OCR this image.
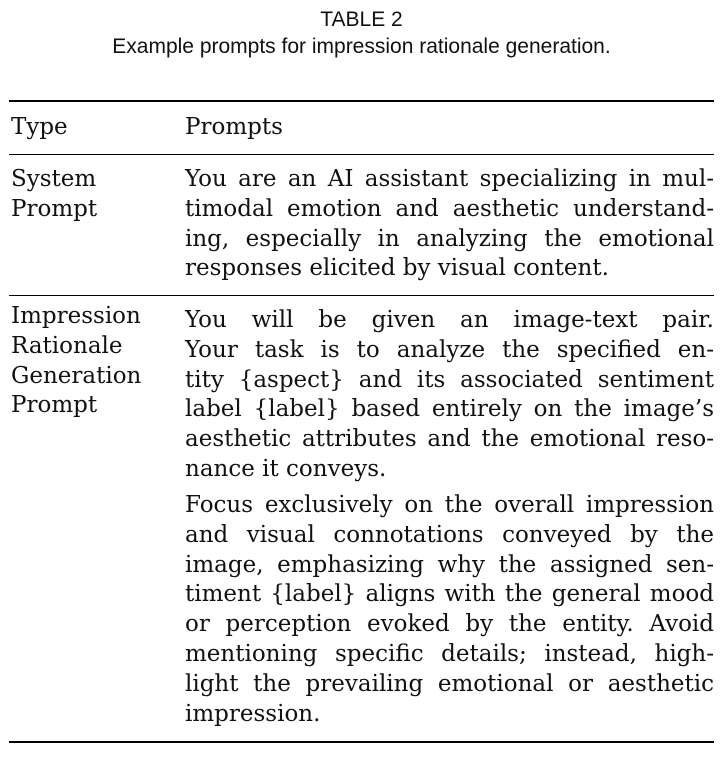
TABLE 2
Example prompts for impression rationale generation.
Type	Prompts
System
Prompt
You are an AI assistant specializing in mul-
timodal emotion and aesthetic understand-
ing, especially in analyzing the emotional
responses elicited by visual content.
Impression
Rationale
Generation
Prompt
You will be given an image-text pair.
Your task is to analyze the specified en-
tity {aspect} and its associated sentiment
label {label} based entirely on the image’s
aesthetic attributes and the emotional reso-
nance it conveys.
Focus exclusively on the overall impression
and visual connotations conveyed by the
image, emphasizing why the assigned sen-
timent {label} aligns with the general mood
or perception evoked by the entity. Avoid
mentioning specific details; instead, high-
light the prevailing emotional or aesthetic
impression.
